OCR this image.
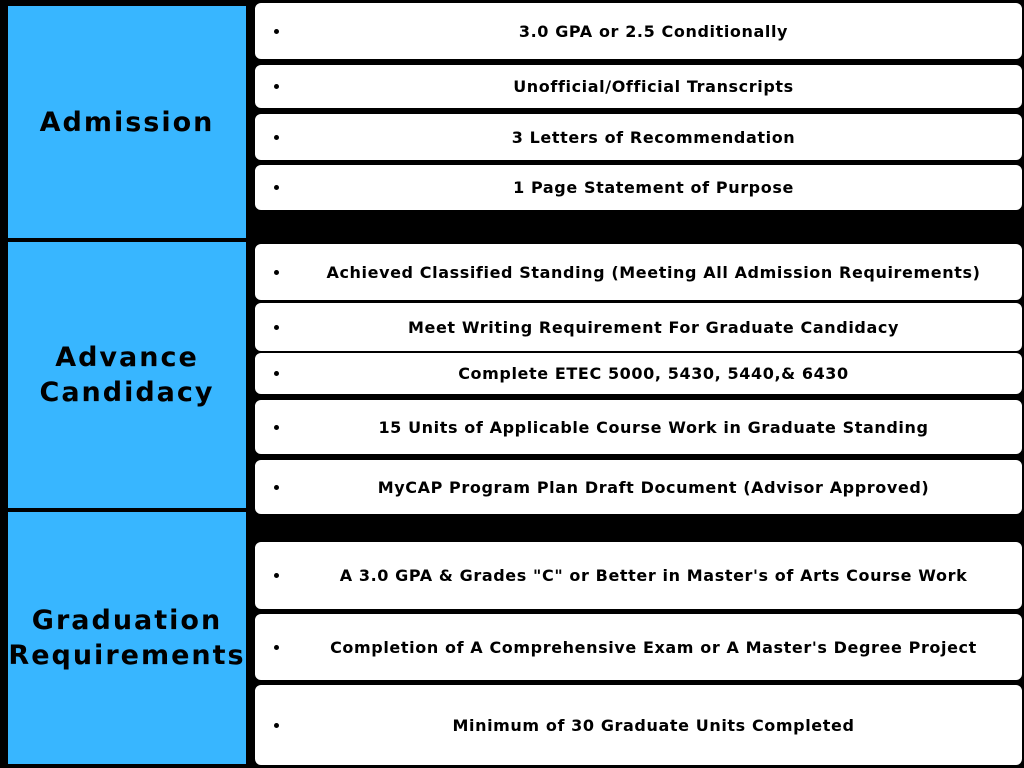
Admission
Advance
Candidacy
Graduation
Requirements
3.0 GPA or 2.5 Conditionally
Unofficial/Official Transcripts
3 Letters of Recommendation
1 Page Statement of Purpose
Achieved Classified Standing (Meeting All Admission Requirements)
Meet Writing Requirement For Graduate Candidacy
Complete ETEC 5000, 5430, 5440,& 6430
15 Units of Applicable Course Work in Graduate Standing
MyCAP Program Plan Draft Document (Advisor Approved)
A 3.0 GPA & Grades "C" or Better in Master's of Arts Course Work
Completion of A Comprehensive Exam or A Master's Degree Project
Minimum of 30 Graduate Units Completed
